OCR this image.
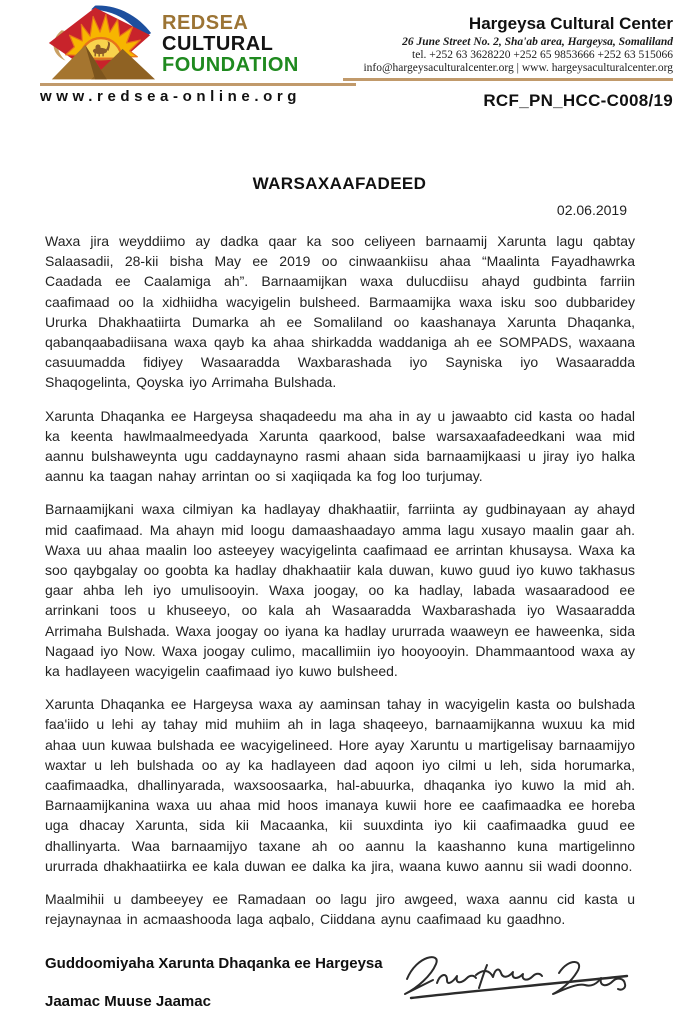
REDSEA
CULTURAL
FOUNDATION
www.redsea-online.org
Hargeysa Cultural Center
26 June Street No. 2, Sha'ab area, Hargeysa, Somaliland
tel. +252 63 3628220 +252 65 9853666 +252 63 515066
info@hargeysaculturalcenter.org | www. hargeysaculturalcenter.org
RCF_PN_HCC-C008/19
WARSAXAAFADEED
02.06.2019

Waxa jira weyddiimo ay dadka qaar ka soo celiyeen barnaamij Xarunta lagu qabtay Salaasadii, 28-kii bisha May ee 2019 oo cinwaankiisu ahaa “Maalinta Fayadhawrka Caadada ee Caalamiga ah”. Barnaamijkan waxa dulucdiisu ahayd gudbinta farriin caafimaad oo la xidhiidha wacyigelin bulsheed. Barmaamijka waxa isku soo dubbaridey Ururka Dhakhaatiirta Dumarka ah ee Somaliland oo kaashanaya Xarunta Dhaqanka, qabanqaabadiisana waxa qayb ka ahaa shirkadda waddaniga ah ee SOMPADS, waxaana casuumadda fidiyey Wasaaradda Waxbarashada iyo Sayniska iyo Wasaaradda Shaqogelinta, Qoyska iyo Arrimaha Bulshada.

Xarunta Dhaqanka ee Hargeysa shaqadeedu ma aha in ay u jawaabto cid kasta oo hadal ka keenta hawlmaalmeedyada Xarunta qaarkood, balse warsaxaafadeedkani waa mid aannu bulshaweynta ugu caddaynayno rasmi ahaan sida barnaamijkaasi u jiray iyo halka aannu ka taagan nahay arrintan oo si xaqiiqada ka fog loo turjumay.

Barnaamijkani waxa cilmiyan ka hadlayay dhakhaatiir, farriinta ay gudbinayaan ay ahayd mid caafimaad. Ma ahayn mid loogu damaashaadayo amma lagu xusayo maalin gaar ah. Waxa uu ahaa maalin loo asteeyey wacyigelinta caafimaad ee arrintan khusaysa. Waxa ka soo qaybgalay oo goobta ka hadlay dhakhaatiir kala duwan, kuwo guud iyo kuwo takhasus gaar ahba leh iyo umulisooyin. Waxa joogay, oo ka hadlay, labada wasaaradood ee arrinkani toos u khuseeyo, oo kala ah Wasaaradda Waxbarashada iyo Wasaaradda Arrimaha Bulshada. Waxa joogay oo iyana ka hadlay ururrada waaweyn ee haweenka, sida Nagaad iyo Now. Waxa joogay culimo, macallimiin iyo hooyooyin. Dhammaantood waxa ay ka hadlayeen wacyigelin caafimaad iyo kuwo bulsheed.

Xarunta Dhaqanka ee Hargeysa waxa ay aaminsan tahay in wacyigelin kasta oo bulshada faa'iido u lehi ay tahay mid muhiim ah in laga shaqeeyo, barnaamijkanna wuxuu ka mid ahaa uun kuwaa bulshada ee wacyigelineed. Hore ayay Xaruntu u martigelisay barnaamijyo waxtar u leh bulshada oo ay ka hadlayeen dad aqoon iyo cilmi u leh, sida horumarka, caafimaadka, dhallinyarada, waxsoosaarka, hal-abuurka, dhaqanka iyo kuwo la mid ah. Barnaamijkanina waxa uu ahaa mid hoos imanaya kuwii hore ee caafimaadka ee horeba uga dhacay Xarunta, sida kii Macaanka, kii suuxdinta iyo kii caafimaadka guud ee dhallinyarta. Waa barnaamijyo taxane ah oo aannu la kaashanno kuna martigelinno ururrada dhakhaatiirka ee kala duwan ee dalka ka jira, waana kuwo aannu sii wadi doonno.

Maalmihii u dambeeyey ee Ramadaan oo lagu jiro awgeed, waxa aannu cid kasta u rejaynaynaa in acmaashooda laga aqbalo, Ciiddana aynu caafimaad ku gaadhno.

Guddoomiyaha Xarunta Dhaqanka ee Hargeysa
Jaamac Muuse Jaamac
